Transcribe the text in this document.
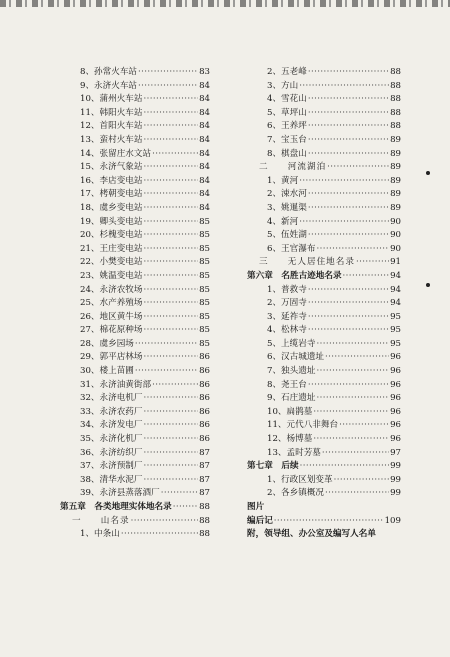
8、孙常火车站 ·····	83
9、永济火车站 ·····	84
10、蒲州火车站 ·····	84
11、韩阳火车站 ·····	84
12、首阳火车站 ·····	84
13、蛮村火车站 ·····	84
14、张留庄水文站 ·····	84
15、永济气象站 ·····	84
16、李店变电站 ·····	84
17、栲朝变电站 ·····	84
18、虞乡变电站 ·····	84
19、卿头变电站 ·····	85
20、杉槐变电站 ·····	85
21、王庄变电站 ·····	85
22、小樊变电站 ·····	85
23、姚温变电站 ·····	85
24、永济农牧场 ·····	85
25、水产养殖场 ·····	85
26、地区黄牛场 ·····	85
27、棉花原种场 ·····	85
28、虞乡园场 ·····	85
29、郭平店林场 ·····	86
30、楼上苗圃 ·····	86
31、永济油黄街部 ·····	86
32、永济电机厂 ·····	86
33、永济农药厂 ·····	86
34、永济发电厂 ·····	86
35、永济化机厂 ·····	86
36、永济纺织厂 ·····	87
37、永济预制厂 ·····	87
38、清华水泥厂 ·····	87
39、永济县蒸落酒厂 ·····	87
第五章　各类地理实体地名录 ·····	88
一　　山名录 ·····	88
1、中条山 ·····	88
2、五老峰 ·····	88
3、方山 ·····	88
4、雪花山 ·····	88
5、草坪山 ·····	88
6、王养坪 ·····	88
7、宝玉台 ·····	89
8、棋盘山 ·····	89
二　　河流湖泊 ·····	89
1、黄河 ·····	89
2、涑水河 ·····	89
3、姚暹渠 ·····	89
4、新河 ·····	90
5、伍姓湖 ·····	90
6、王官瀑布 ·····	90
三　　无人居住地名录 ·····	91
第六章　名胜古迹地名录 ·····	94
1、普救寺 ·····	94
2、万固寺 ·····	94
3、延祚寺 ·····	95
4、松林寺 ·····	95
5、上缆岩寺 ·····	95
6、汉古城遗址 ·····	96
7、独头遗址 ·····	96
8、尧王台 ·····	96
9、石庄遗址 ·····	96
10、扁鹊墓 ·····	96
11、元代八非舞台 ·····	96
12、杨博墓 ·····	96
13、孟时芳墓 ·····	97
第七章　后续 ·····	99
1、行政区划变革 ·····	99
2、各乡镇概况 ·····	99
图片
编后记 ·····	109
附，领导组、办公室及编写人名单
